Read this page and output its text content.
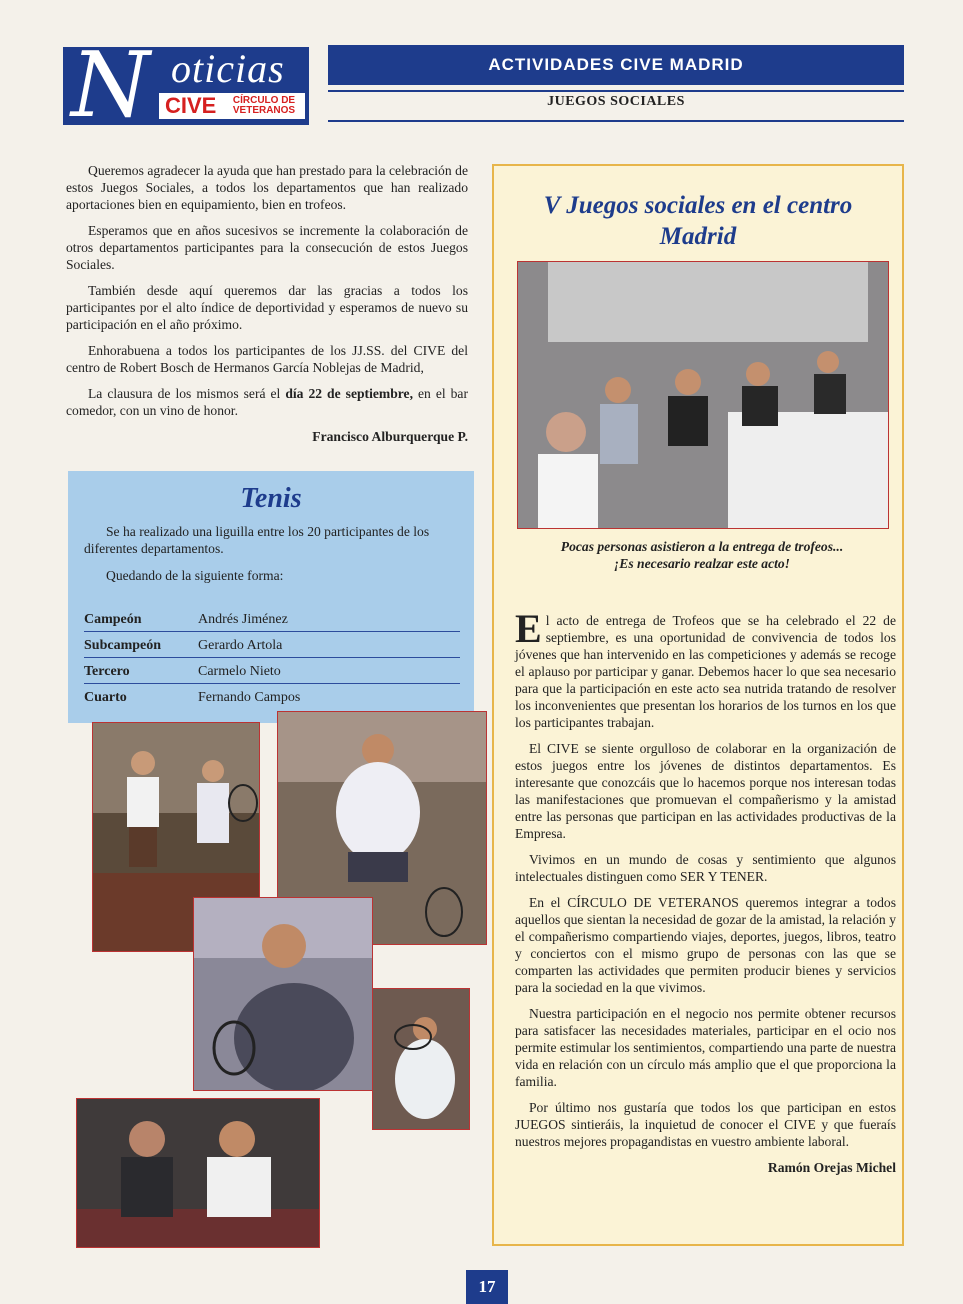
N oticias
CIVE	CÍRCULO DE
VETERANOS
ACTIVIDADES CIVE MADRID
JUEGOS SOCIALES

Queremos agradecer la ayuda que han prestado para la celebración de estos Juegos Sociales, a todos los departamentos que han realizado aportaciones bien en equipamiento, bien en trofeos.

Esperamos que en años sucesivos se incremente la colaboración de otros departamentos participantes para la consecución de estos Juegos Sociales.

También desde aquí queremos dar las gracias a todos los participantes por el alto índice de deportividad y esperamos de nuevo su participación en el año próximo.

Enhorabuena a todos los participantes de los JJ.SS. del CIVE del centro de Robert Bosch de Hermanos García Noblejas de Madrid,

La clausura de los mismos será el día 22 de septiembre, en el bar comedor, con un vino de honor.

Francisco Alburquerque P.

Tenis
Se ha realizado una liguilla entre los 20 participantes de los diferentes departamentos.
Quedando de la siguiente forma:
Campeón	Andrés Jiménez
Subcampeón	Gerardo Artola
Tercero	Carmelo Nieto
Cuarto	Fernando Campos
V Juegos sociales en el centro Madrid
Pocas personas asistieron a la entrega de trofeos...
¡Es necesario realzar este acto!

El acto de entrega de Trofeos que se ha celebrado el 22 de septiembre, es una oportunidad de convivencia de todos los jóvenes que han intervenido en las competiciones y además se recoge el aplauso por participar y ganar. Debemos hacer lo que sea necesario para que la participación en este acto sea nutrida tratando de resolver los inconvenientes que presentan los horarios de los turnos en los que los participantes trabajan.

El CIVE se siente orgulloso de colaborar en la organización de estos juegos entre los jóvenes de distintos departamentos. Es interesante que conozcáis que lo hacemos porque nos interesan todas las manifestaciones que promuevan el compañerismo y la amistad entre las personas que participan en las actividades productivas de la Empresa.

Vivimos en un mundo de cosas y sentimiento que algunos intelectuales distinguen como SER Y TENER.

En el CÍRCULO DE VETERANOS queremos integrar a todos aquellos que sientan la necesidad de gozar de la amistad, la relación y el compañerismo compartiendo viajes, deportes, juegos, libros, teatro y conciertos con el mismo grupo de personas con las que se comparten las actividades que permiten producir bienes y servicios para la sociedad en la que vivimos.

Nuestra participación en el negocio nos permite obtener recursos para satisfacer las necesidades materiales, participar en el ocio nos permite estimular los sentimientos, compartiendo una parte de nuestra vida en relación con un círculo más amplio que el que proporciona la familia.

Por último nos gustaría que todos los que participan en estos JUEGOS sintieráis, la inquietud de conocer el CIVE y que fueraís nuestros mejores propagandistas en vuestro ambiente laboral.

Ramón Orejas Michel

17
